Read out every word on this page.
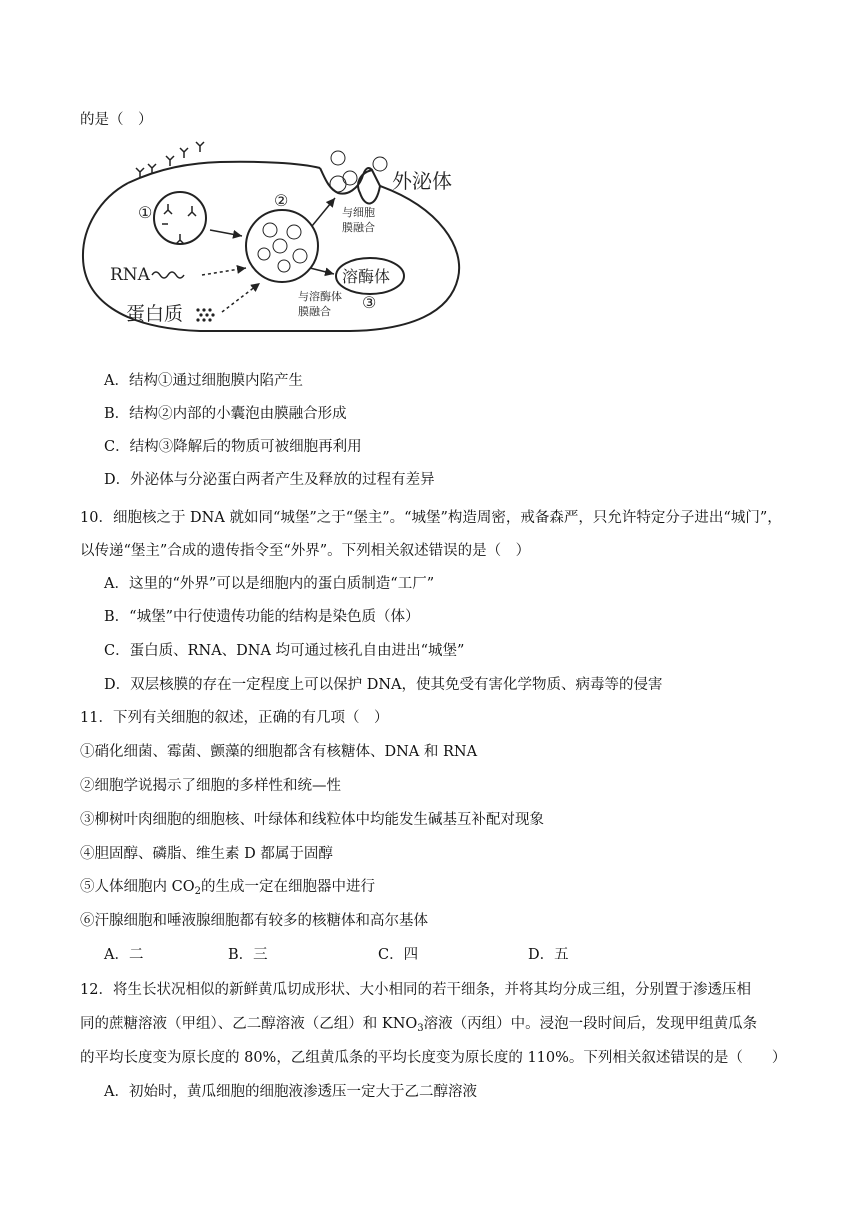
的是（　）
①
②
外泌体
与细胞
膜融合
溶酶体
③
与溶酶体
膜融合
RNA
蛋白质
A．结构①通过细胞膜内陷产生
B．结构②内部的小囊泡由膜融合形成
C．结构③降解后的物质可被细胞再利用
D．外泌体与分泌蛋白两者产生及释放的过程有差异
10．细胞核之于 DNA 就如同“城堡”之于“堡主”。“城堡”构造周密，戒备森严，只允许特定分子进出“城门”，
以传递“堡主”合成的遗传指令至“外界”。下列相关叙述错误的是（　）
A．这里的“外界”可以是细胞内的蛋白质制造“工厂”
B．“城堡”中行使遗传功能的结构是染色质（体）
C．蛋白质、RNA、DNA 均可通过核孔自由进出“城堡”
D．双层核膜的存在一定程度上可以保护 DNA，使其免受有害化学物质、病毒等的侵害
11．下列有关细胞的叙述，正确的有几项（　）
①硝化细菌、霉菌、颤藻的细胞都含有核糖体、DNA 和 RNA
②细胞学说揭示了细胞的多样性和统—性
③柳树叶肉细胞的细胞核、叶绿体和线粒体中均能发生碱基互补配对现象
④胆固醇、磷脂、维生素 D 都属于固醇
⑤人体细胞内 $CO_2$的生成一定在细胞器中进行
⑥汗腺细胞和唾液腺细胞都有较多的核糖体和高尔基体
A．二	B．三	C．四	D．五
12．将生长状况相似的新鲜黄瓜切成形状、大小相同的若干细条，并将其均分成三组，分别置于渗透压相
同的蔗糖溶液（甲组）、乙二醇溶液（乙组）和 $KNO_3$溶液（丙组）中。浸泡一段时间后，发现甲组黄瓜条
的平均长度变为原长度的 80%，乙组黄瓜条的平均长度变为原长度的 110%。下列相关叙述错误的是（　　）
A．初始时，黄瓜细胞的细胞液渗透压一定大于乙二醇溶液
